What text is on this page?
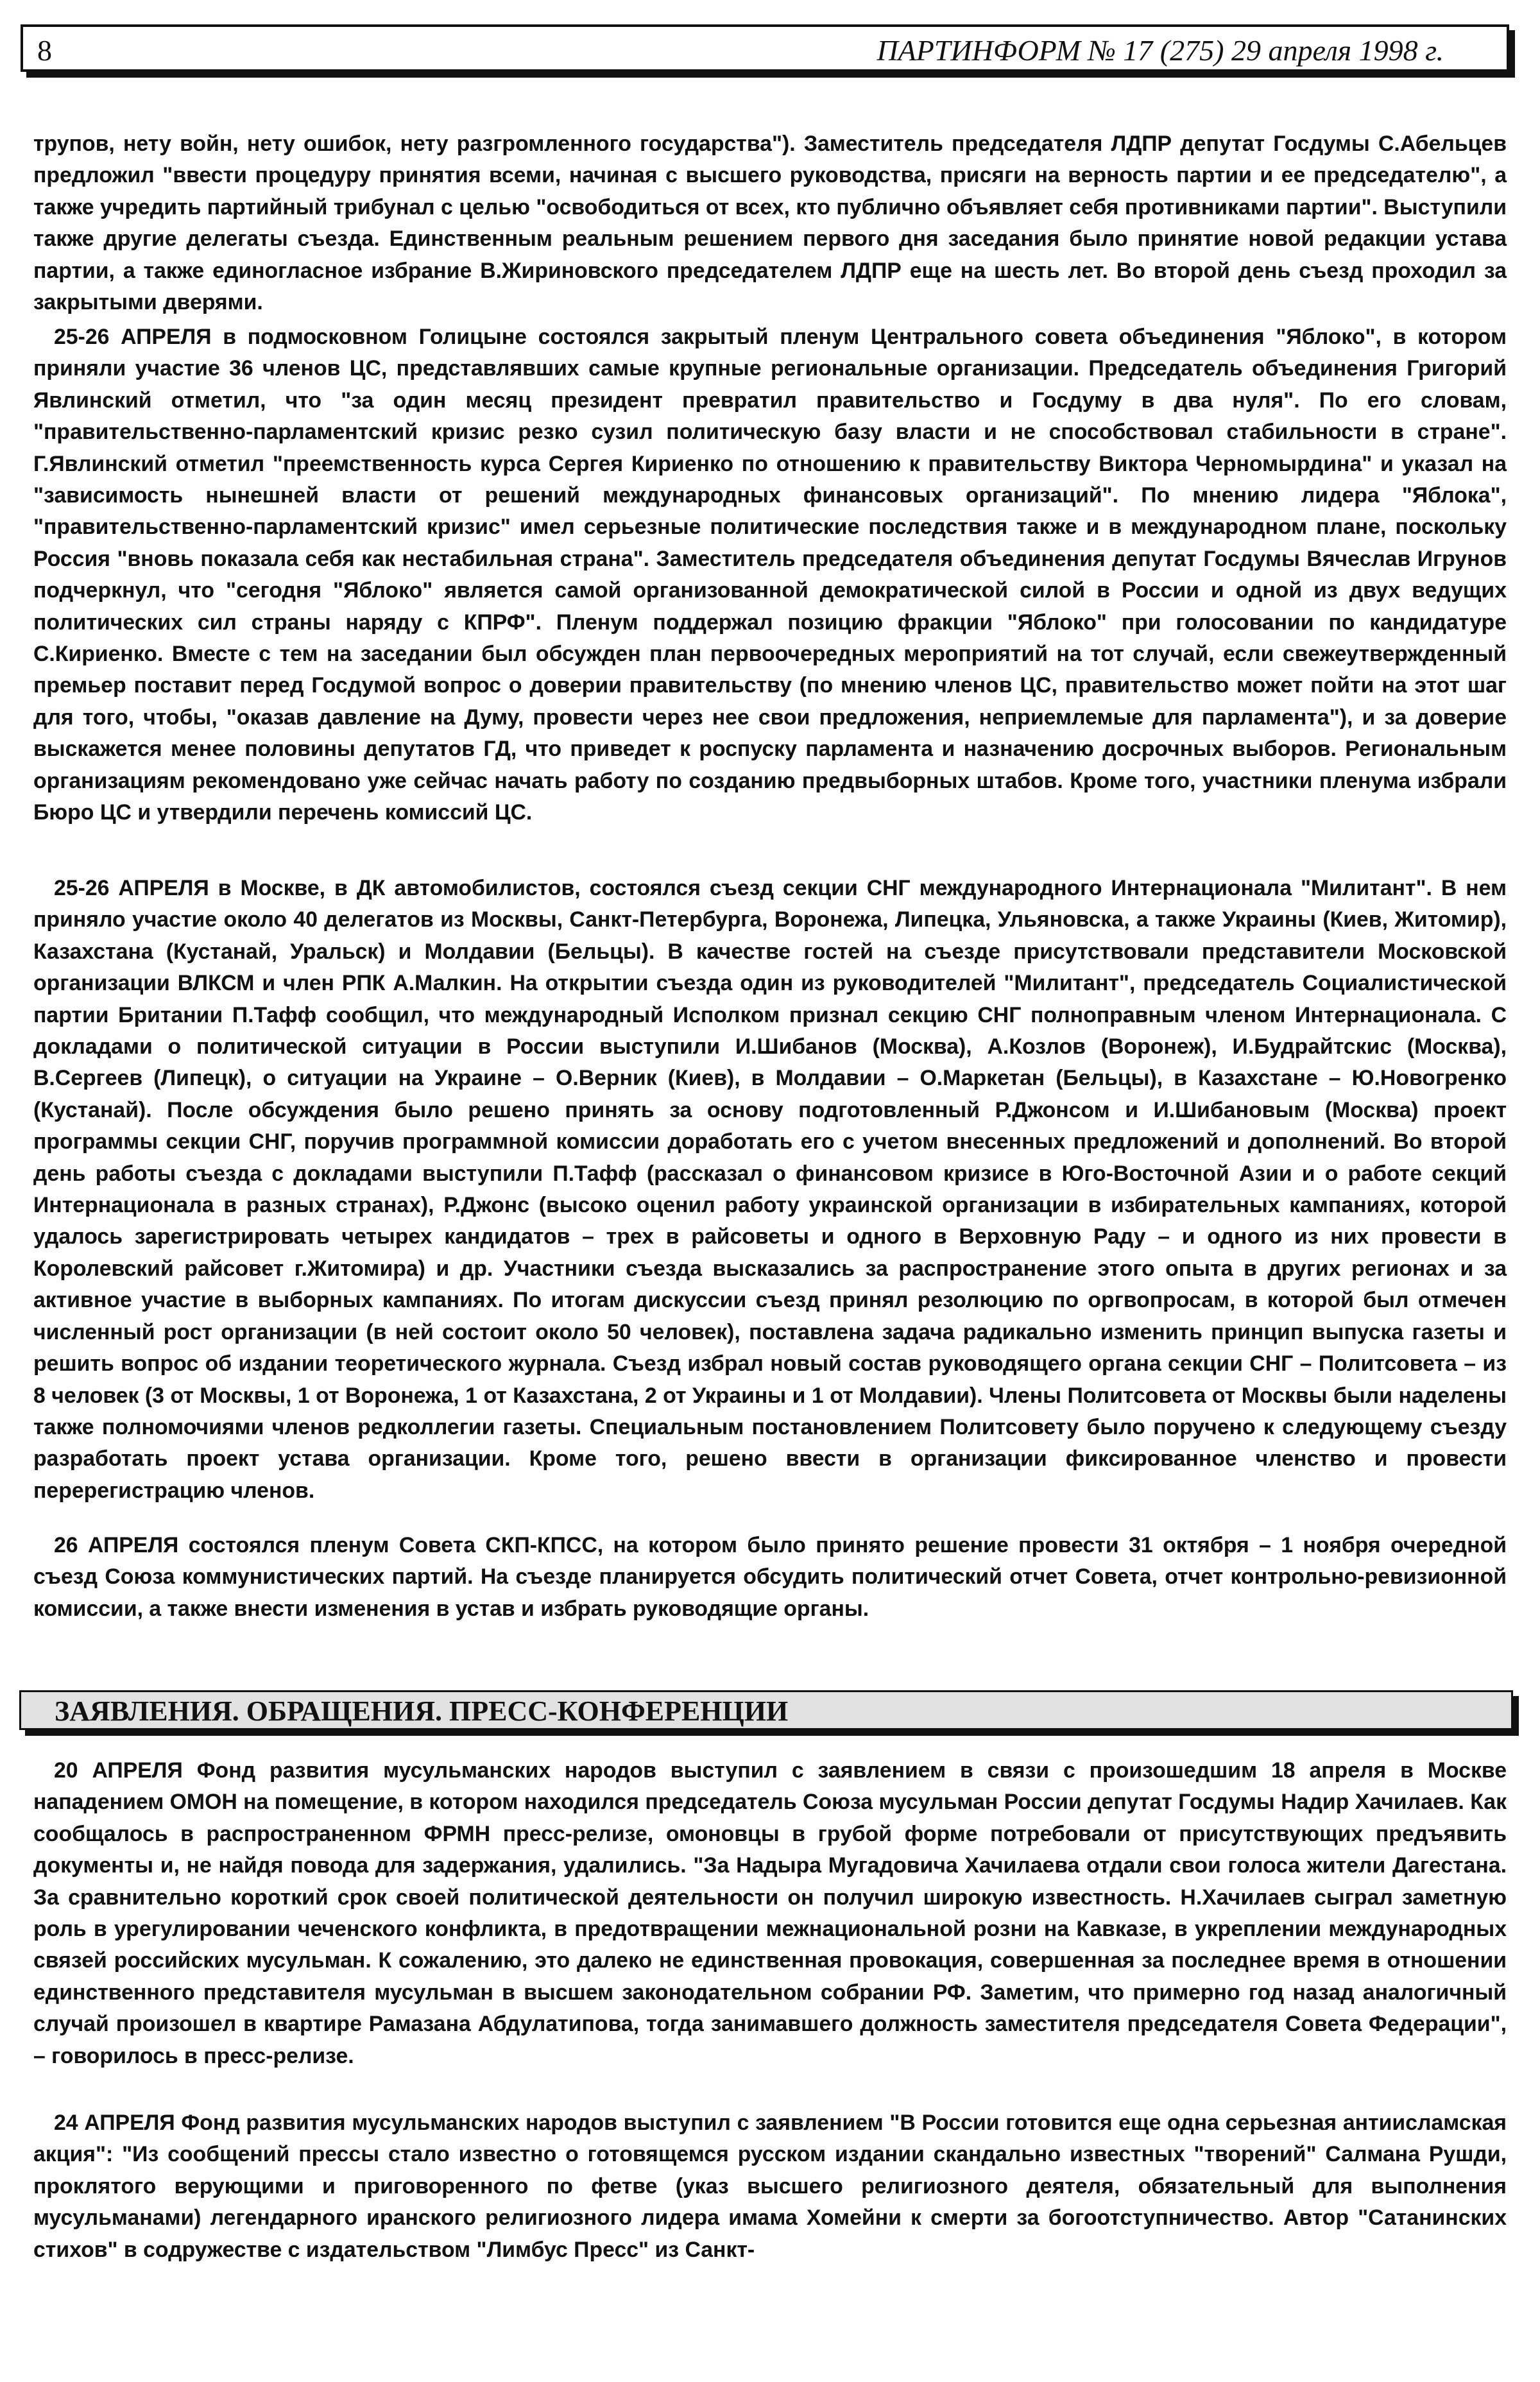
8	ПАРТИНФОРМ № 17 (275) 29 апреля 1998 г.

трупов, нету войн, нету ошибок, нету разгромленного государства"). Заместитель председателя ЛДПР депутат Госдумы С.Абельцев предложил "ввести процедуру принятия всеми, начиная с высшего руководства, присяги на верность партии и ее председателю", а также учредить партийный трибунал с целью "освободиться от всех, кто публично объявляет себя противниками партии". Выступили также другие делегаты съезда. Единственным реальным решением первого дня заседания было принятие новой редакции устава партии, а также единогласное избрание В.Жириновского председателем ЛДПР еще на шесть лет. Во второй день съезд проходил за закрытыми дверями.

25-26 АПРЕЛЯ в подмосковном Голицыне состоялся закрытый пленум Центрального совета объединения "Яблоко", в котором приняли участие 36 членов ЦС, представлявших самые крупные региональные организации. Председатель объединения Григорий Явлинский отметил, что "за один месяц президент превратил правительство и Госдуму в два нуля". По его словам, "правительственно-парламентский кризис резко сузил политическую базу власти и не способствовал стабильности в стране". Г.Явлинский отметил "преемственность курса Сергея Кириенко по отношению к правительству Виктора Черномырдина" и указал на "зависимость нынешней власти от решений международных финансовых организаций". По мнению лидера "Яблока", "правительственно-парламентский кризис" имел серьезные политические последствия также и в международном плане, поскольку Россия "вновь показала себя как нестабильная страна". Заместитель председателя объединения депутат Госдумы Вячеслав Игрунов подчеркнул, что "сегодня "Яблоко" является самой организованной демократической силой в России и одной из двух ведущих политических сил страны наряду с КПРФ". Пленум поддержал позицию фракции "Яблоко" при голосовании по кандидатуре С.Кириенко. Вместе с тем на заседании был обсужден план первоочередных мероприятий на тот случай, если свежеутвержденный премьер поставит перед Госдумой вопрос о доверии правительству (по мнению членов ЦС, правительство может пойти на этот шаг для того, чтобы, "оказав давление на Думу, провести через нее свои предложения, неприемлемые для парламента"), и за доверие выскажется менее половины депутатов ГД, что приведет к роспуску парламента и назначению досрочных выборов. Региональным организациям рекомендовано уже сейчас начать работу по созданию предвыборных штабов. Кроме того, участники пленума избрали Бюро ЦС и утвердили перечень комиссий ЦС.

25-26 АПРЕЛЯ в Москве, в ДК автомобилистов, состоялся съезд секции СНГ международного Интернационала "Милитант". В нем приняло участие около 40 делегатов из Москвы, Санкт-Петербурга, Воронежа, Липецка, Ульяновска, а также Украины (Киев, Житомир), Казахстана (Кустанай, Уральск) и Молдавии (Бельцы). В качестве гостей на съезде присутствовали представители Московской организации ВЛКСМ и член РПК А.Малкин. На открытии съезда один из руководителей "Милитант", председатель Социалистической партии Британии П.Тафф сообщил, что международный Исполком признал секцию СНГ полноправным членом Интернационала. С докладами о политической ситуации в России выступили И.Шибанов (Москва), А.Козлов (Воронеж), И.Будрайтскис (Москва), В.Сергеев (Липецк), о ситуации на Украине – О.Верник (Киев), в Молдавии – О.Маркетан (Бельцы), в Казахстане – Ю.Новогренко (Кустанай). После обсуждения было решено принять за основу подготовленный Р.Джонсом и И.Шибановым (Москва) проект программы секции СНГ, поручив программной комиссии доработать его с учетом внесенных предложений и дополнений. Во второй день работы съезда с докладами выступили П.Тафф (рассказал о финансовом кризисе в Юго-Восточной Азии и о работе секций Интернационала в разных странах), Р.Джонс (высоко оценил работу украинской организации в избирательных кампаниях, которой удалось зарегистрировать четырех кандидатов – трех в райсоветы и одного в Верховную Раду – и одного из них провести в Королевский райсовет г.Житомира) и др. Участники съезда высказались за распространение этого опыта в других регионах и за активное участие в выборных кампаниях. По итогам дискуссии съезд принял резолюцию по оргвопросам, в которой был отмечен численный рост организации (в ней состоит около 50 человек), поставлена задача радикально изменить принцип выпуска газеты и решить вопрос об издании теоретического журнала. Съезд избрал новый состав руководящего органа секции СНГ – Политсовета – из 8 человек (3 от Москвы, 1 от Воронежа, 1 от Казахстана, 2 от Украины и 1 от Молдавии). Члены Политсовета от Москвы были наделены также полномочиями членов редколлегии газеты. Специальным постановлением Политсовету было поручено к следующему съезду разработать проект устава организации. Кроме того, решено ввести в организации фиксированное членство и провести перерегистрацию членов.

26 АПРЕЛЯ состоялся пленум Совета СКП-КПСС, на котором было принято решение провести 31 октября – 1 ноября очередной съезд Союза коммунистических партий. На съезде планируется обсудить политический отчет Совета, отчет контрольно-ревизионной комиссии, а также внести изменения в устав и избрать руководящие органы.

ЗАЯВЛЕНИЯ. ОБРАЩЕНИЯ. ПРЕСС-КОНФЕРЕНЦИИ

20 АПРЕЛЯ Фонд развития мусульманских народов выступил с заявлением в связи с произошедшим 18 апреля в Москве нападением ОМОН на помещение, в котором находился председатель Союза мусульман России депутат Госдумы Надир Хачилаев. Как сообщалось в распространенном ФРМН пресс-релизе, омоновцы в грубой форме потребовали от присутствующих предъявить документы и, не найдя повода для задержания, удалились. "За Надыра Мугадовича Хачилаева отдали свои голоса жители Дагестана. За сравнительно короткий срок своей политической деятельности он получил широкую известность. Н.Хачилаев сыграл заметную роль в урегулировании чеченского конфликта, в предотвращении межнациональной розни на Кавказе, в укреплении международных связей российских мусульман. К сожалению, это далеко не единственная провокация, совершенная за последнее время в отношении единственного представителя мусульман в высшем законодательном собрании РФ. Заметим, что примерно год назад аналогичный случай произошел в квартире Рамазана Абдулатипова, тогда занимавшего должность заместителя председателя Совета Федерации", – говорилось в пресс-релизе.

24 АПРЕЛЯ Фонд развития мусульманских народов выступил с заявлением "В России готовится еще одна серьезная антиисламская акция": "Из сообщений прессы стало известно о готовящемся русском издании скандально известных "творений" Салмана Рушди, проклятого верующими и приговоренного по фетве (указ высшего религиозного деятеля, обязательный для выполнения мусульманами) легендарного иранского религиозного лидера имама Хомейни к смерти за богоотступничество. Автор "Сатанинских стихов" в содружестве с издательством "Лимбус Пресс" из Санкт-
